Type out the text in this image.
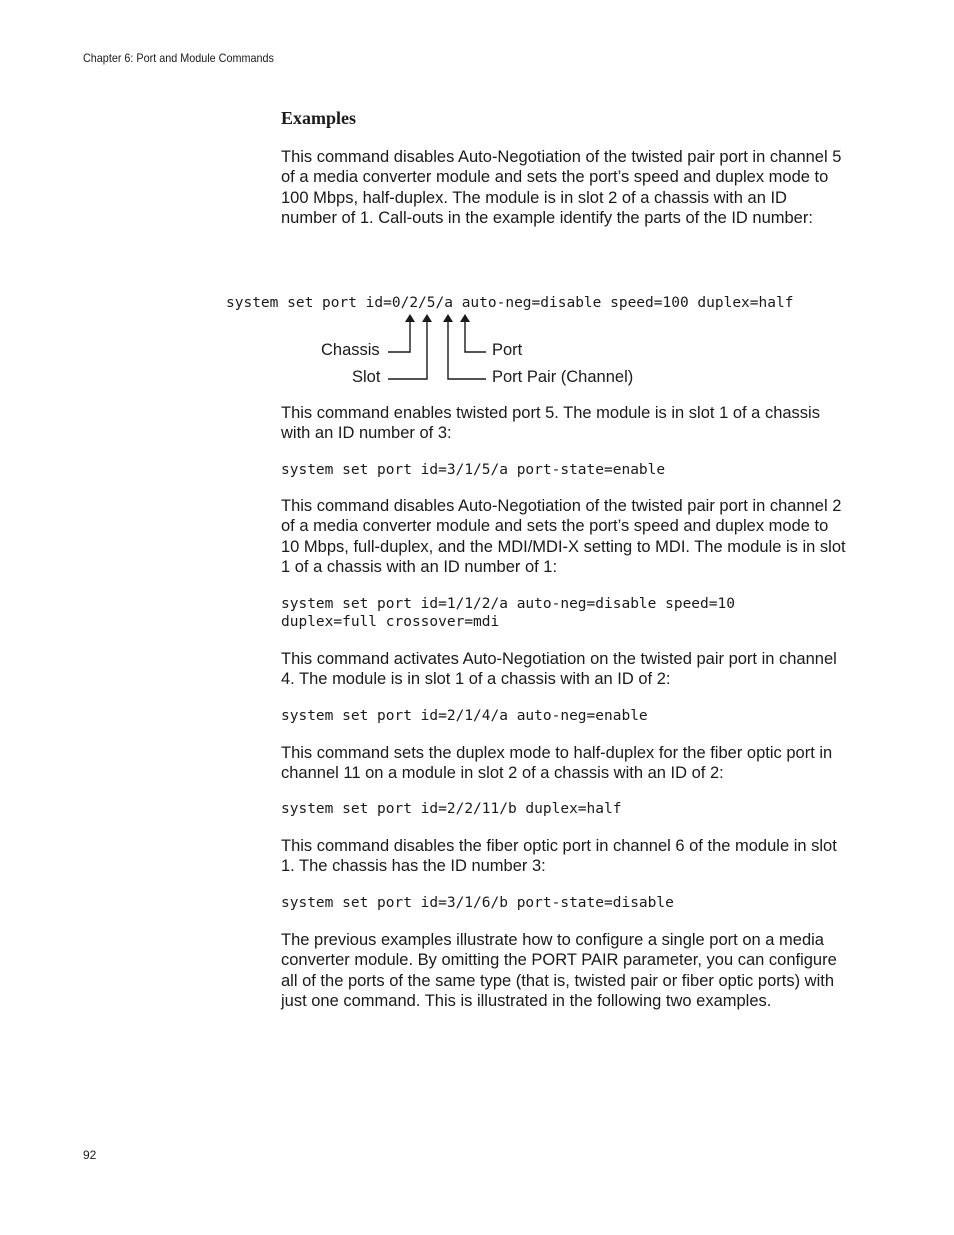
Chapter 6: Port and Module Commands
Examples

This command disables Auto-Negotiation of the twisted pair port in channel 5 of a media converter module and sets the port’s speed and duplex mode to 100 Mbps, half-duplex. The module is in slot 2 of a chassis with an ID number of 1. Call-outs in the example identify the parts of the ID number:

system set port id=0/2/5/a auto-neg=disable speed=100 duplex=half
Chassis
Slot
Port
Port Pair (Channel)

This command enables twisted port 5. The module is in slot 1 of a chassis with an ID number of 3:

system set port id=3/1/5/a port-state=enable

This command disables Auto-Negotiation of the twisted pair port in channel 2 of a media converter module and sets the port’s speed and duplex mode to 10 Mbps, full-duplex, and the MDI/MDI-X setting to MDI. The module is in slot 1 of a chassis with an ID number of 1:

system set port id=1/1/2/a auto-neg=disable speed=10
duplex=full crossover=mdi

This command activates Auto-Negotiation on the twisted pair port in channel 4. The module is in slot 1 of a chassis with an ID of 2:

system set port id=2/1/4/a auto-neg=enable

This command sets the duplex mode to half-duplex for the fiber optic port in channel 11 on a module in slot 2 of a chassis with an ID of 2:

system set port id=2/2/11/b duplex=half

This command disables the fiber optic port in channel 6 of the module in slot 1. The chassis has the ID number 3:

system set port id=3/1/6/b port-state=disable

The previous examples illustrate how to configure a single port on a media converter module. By omitting the PORT PAIR parameter, you can configure all of the ports of the same type (that is, twisted pair or fiber optic ports) with just one command. This is illustrated in the following two examples.

92
